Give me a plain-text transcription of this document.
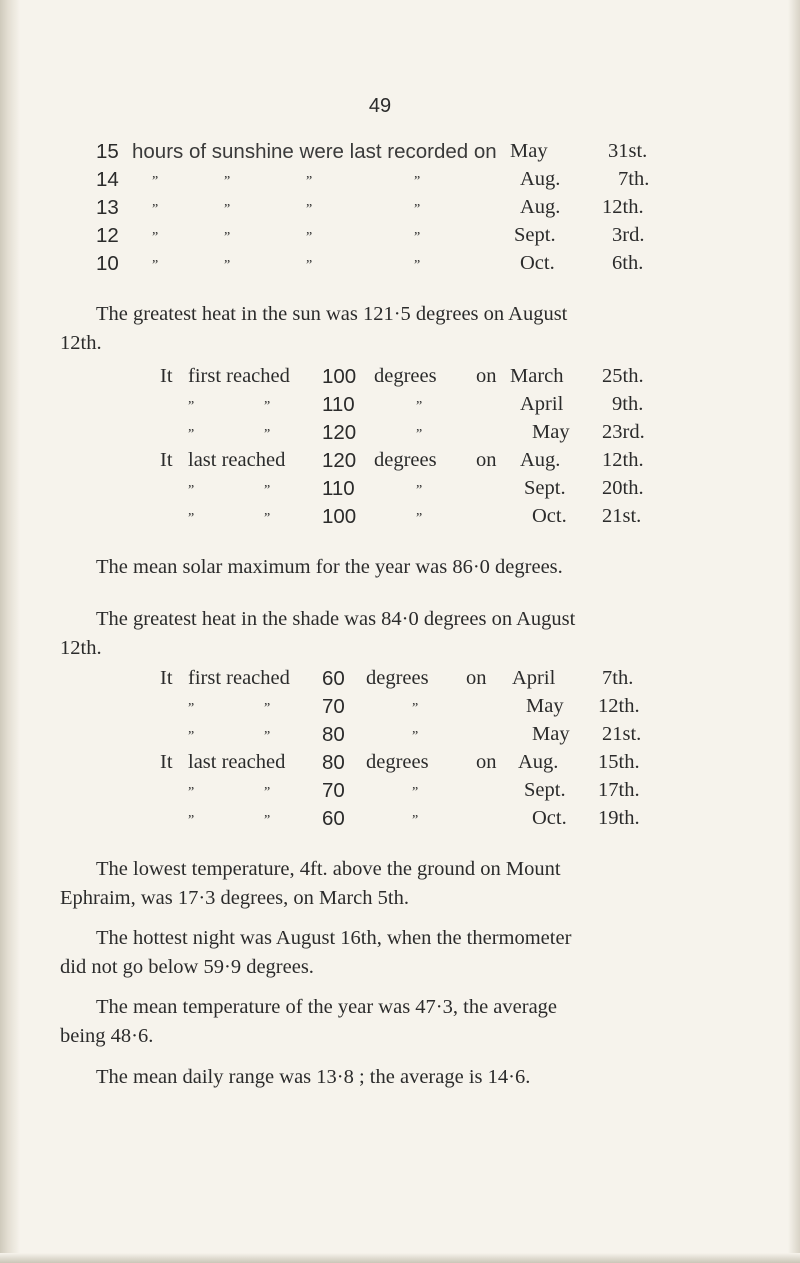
49
15 hours of sunshine were last recorded on May	31st.
14 ”	”	”	”	Aug.	7th.
13 ”	”	”	”	Aug. 12th.
12 ”	”	”	”	Sept.	3rd.
10 ”	”	”	”	Oct.	6th.
The greatest heat in the sun was 121·5 degrees on August
12th.
It first reached 100 degrees on March 25th.
”	”	110	”	April 9th.
”	”	120	”	May 23rd.
It last reached 120 degrees on Aug. 12th.
”	”	110	”	Sept. 20th.
”	”	100	”	Oct. 21st.
The mean solar maximum for the year was 86·0 degrees.
The greatest heat in the shade was 84·0 degrees on August
12th.
It first reached 60 degrees on April 7th.
”	”	70	”	May 12th.
”	”	80	”	May 21st.
It last reached 80 degrees on Aug. 15th.
”	”	70	”	Sept. 17th.
”	”	60	”	Oct. 19th.
The lowest temperature, 4ft. above the ground on Mount
Ephraim, was 17·3 degrees, on March 5th.
The hottest night was August 16th, when the thermometer
did not go below 59·9 degrees.
The mean temperature of the year was 47·3, the average
being 48·6.
The mean daily range was 13·8 ; the average is 14·6.
